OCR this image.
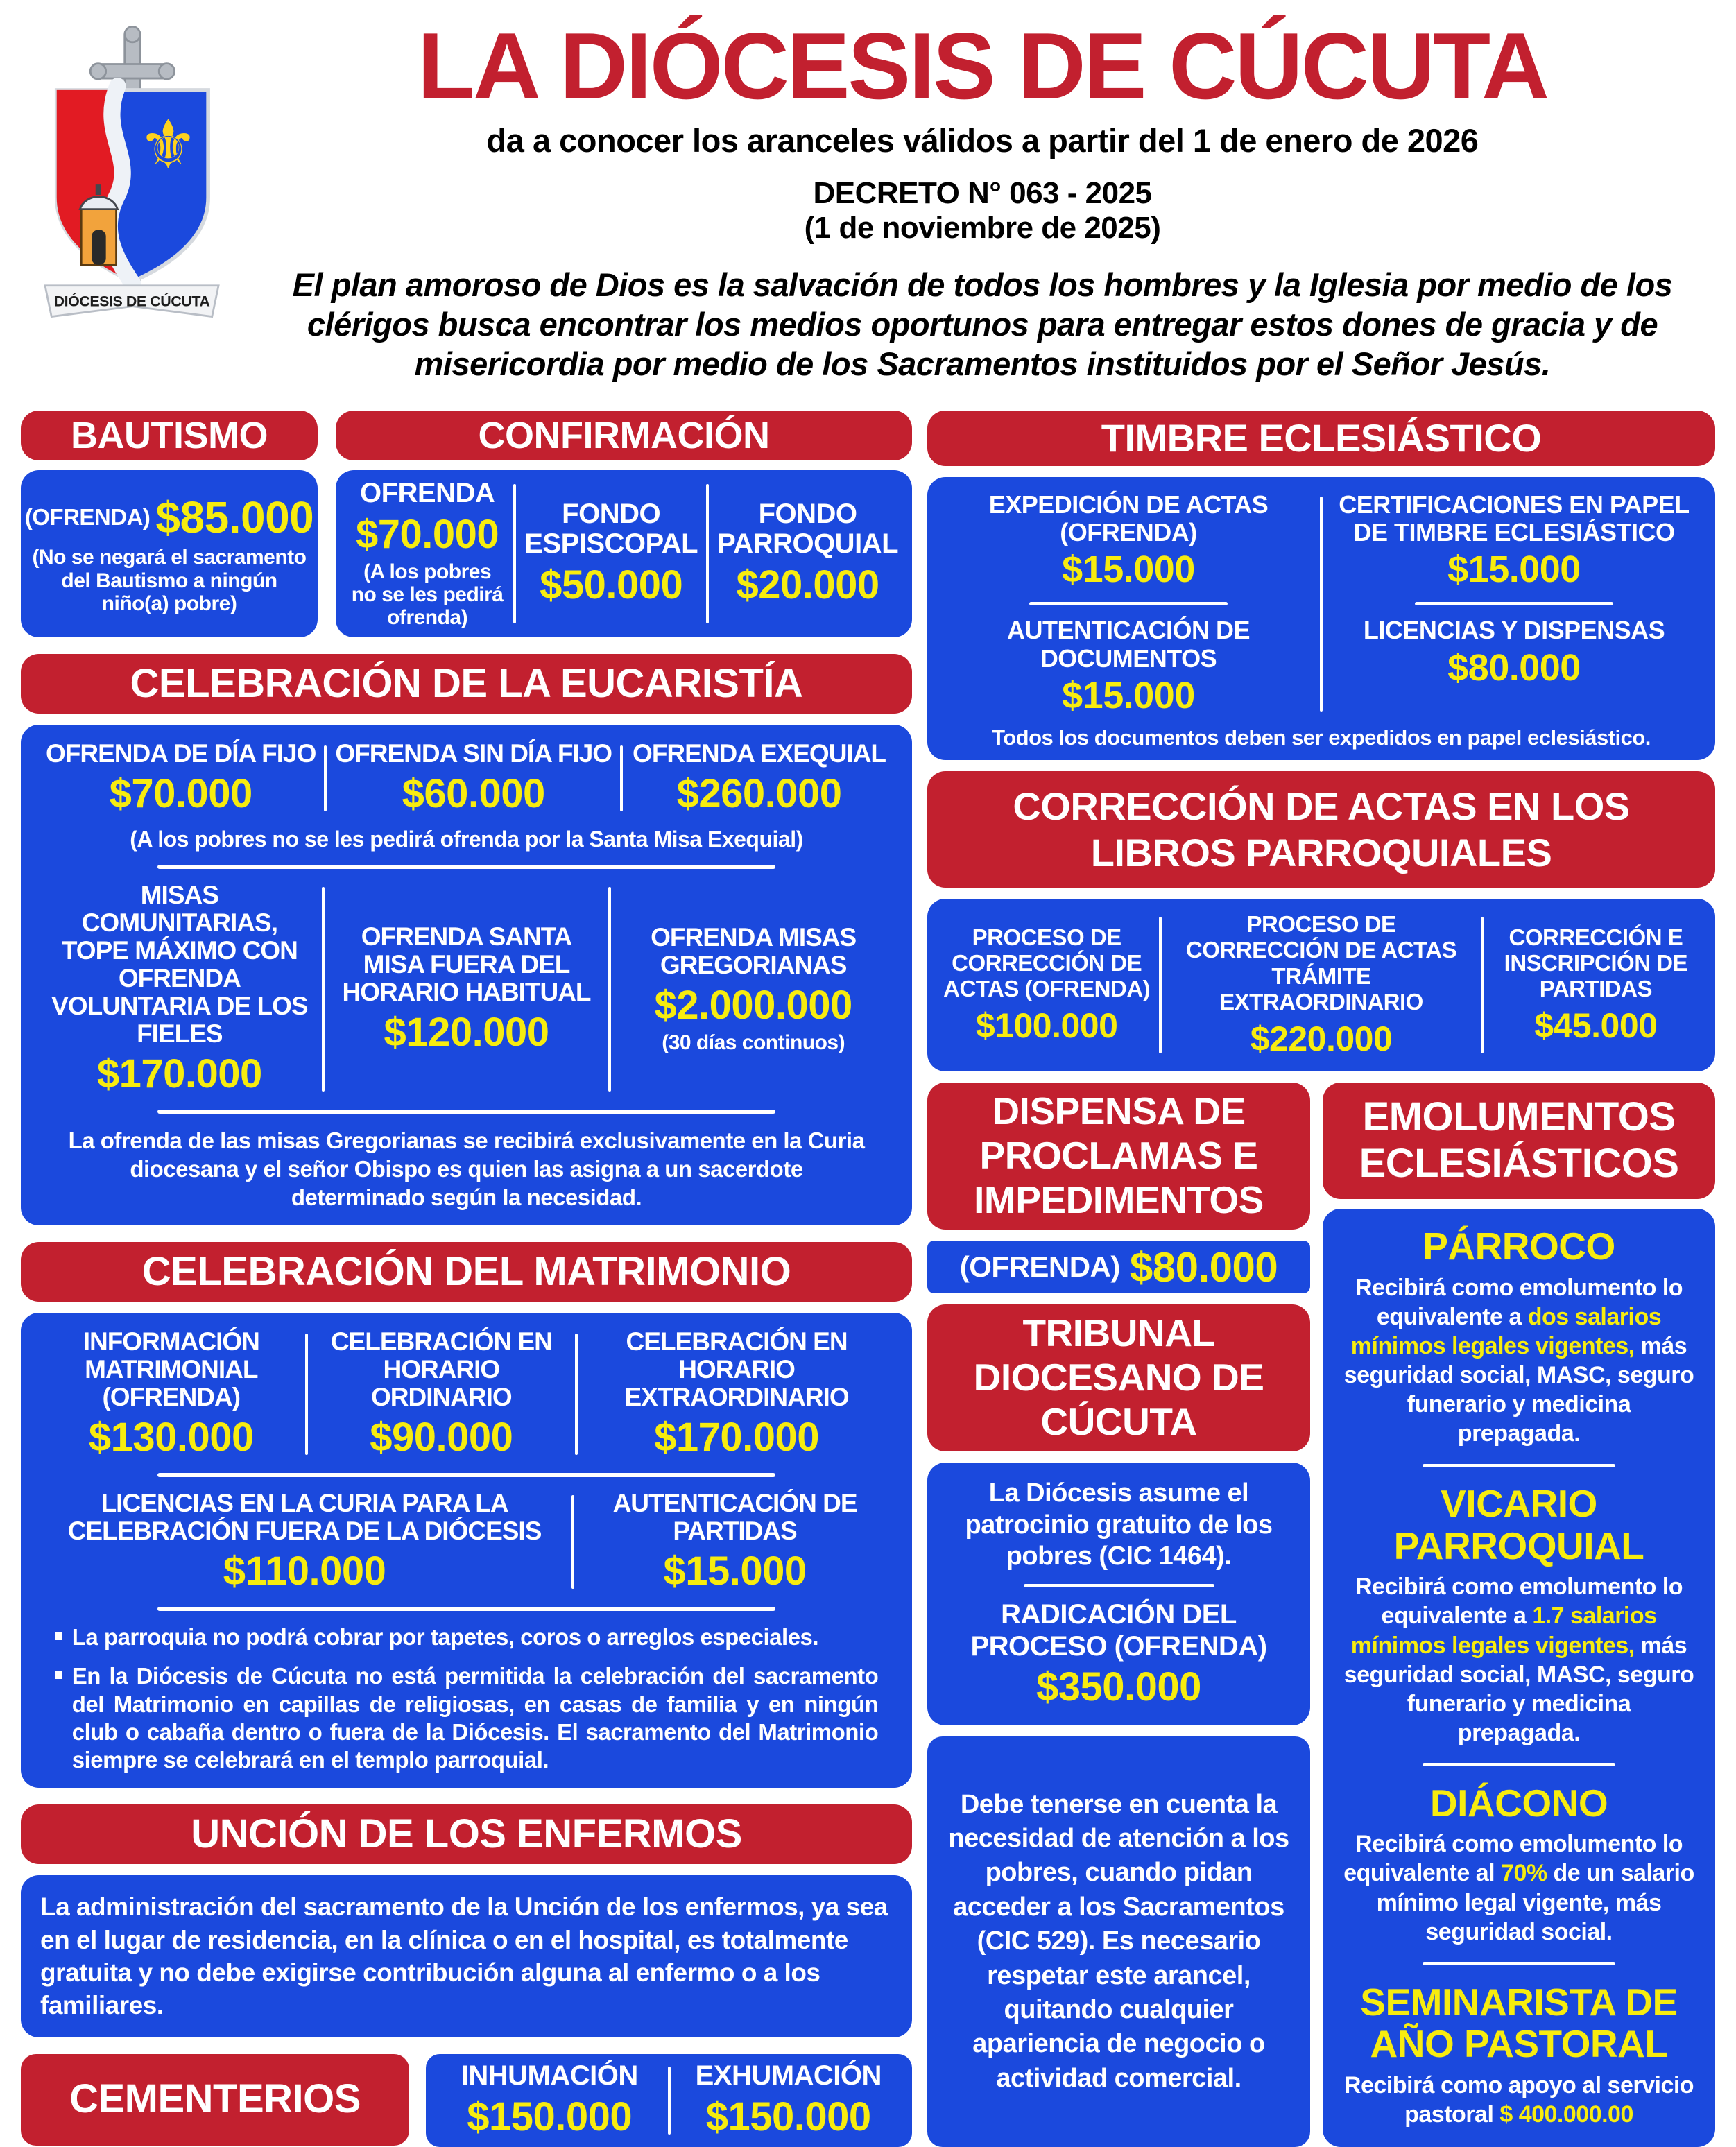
⚜
DIÓCESIS DE CÚCUTA
LA DIÓCESIS DE CÚCUTA
da a conocer los aranceles válidos a partir del 1 de enero de 2026
DECRETO N° 063 - 2025
(1 de noviembre de 2025)
El plan amoroso de Dios es la salvación de todos los hombres y la Iglesia por medio de los clérigos busca encontrar los medios oportunos para entregar estos dones de gracia y de misericordia por medio de los Sacramentos instituidos por el Señor Jesús.
BAUTISMO
(OFRENDA) $85.000
(No se negará el sacramento del Bautismo a ningún niño(a) pobre)
CONFIRMACIÓN
OFRENDA
$70.000
(A los pobres no se les pedirá ofrenda)
FONDO ESPISCOPAL
$50.000
FONDO PARROQUIAL
$20.000
CELEBRACIÓN DE LA EUCARISTÍA
OFRENDA DE DÍA FIJO
$70.000
OFRENDA SIN DÍA FIJO
$60.000
OFRENDA EXEQUIAL
$260.000
(A los pobres no se les pedirá ofrenda por la Santa Misa Exequial)
MISAS COMUNITARIAS, TOPE MÁXIMO CON OFRENDA VOLUNTARIA DE LOS FIELES
$170.000
OFRENDA SANTA MISA FUERA DEL HORARIO HABITUAL
$120.000
OFRENDA MISAS GREGORIANAS
$2.000.000
(30 días continuos)
La ofrenda de las misas Gregorianas se recibirá exclusivamente en la Curia diocesana y el señor Obispo es quien las asigna a un sacerdote determinado según la necesidad.
CELEBRACIÓN DEL MATRIMONIO
INFORMACIÓN MATRIMONIAL (OFRENDA)
$130.000
CELEBRACIÓN EN HORARIO ORDINARIO
$90.000
CELEBRACIÓN EN HORARIO EXTRAORDINARIO
$170.000
LICENCIAS EN LA CURIA PARA LA CELEBRACIÓN FUERA DE LA DIÓCESIS
$110.000
AUTENTICACIÓN DE PARTIDAS
$15.000
La parroquia no podrá cobrar por tapetes, coros o arreglos especiales.
En la Diócesis de Cúcuta no está permitida la celebración del sacramento del Matrimonio en capillas de religiosas, en casas de familia y en ningún club o cabaña dentro o fuera de la Diócesis. El sacramento del Matrimonio siempre se celebrará en el templo parroquial.
UNCIÓN DE LOS ENFERMOS
La administración del sacramento de la Unción de los enfermos, ya sea en el lugar de residencia, en la clínica o en el hospital, es totalmente gratuita y no debe exigirse contribución alguna al enfermo o a los familiares.
CEMENTERIOS
INHUMACIÓN
$150.000
EXHUMACIÓN
$150.000
TIMBRE ECLESIÁSTICO
EXPEDICIÓN DE ACTAS (OFRENDA)
$15.000
AUTENTICACIÓN DE DOCUMENTOS
$15.000
CERTIFICACIONES EN PAPEL DE TIMBRE ECLESIÁSTICO
$15.000
LICENCIAS Y DISPENSAS
$80.000
Todos los documentos deben ser expedidos en papel eclesiástico.
CORRECCIÓN DE ACTAS EN LOS LIBROS PARROQUIALES
PROCESO DE CORRECCIÓN DE ACTAS (OFRENDA)
$100.000
PROCESO DE CORRECCIÓN DE ACTAS TRÁMITE EXTRAORDINARIO
$220.000
CORRECCIÓN E INSCRIPCIÓN DE PARTIDAS
$45.000
DISPENSA DE PROCLAMAS E IMPEDIMENTOS
(OFRENDA) $80.000
TRIBUNAL DIOCESANO DE CÚCUTA
La Diócesis asume el patrocinio gratuito de los pobres (CIC 1464).
RADICACIÓN DEL PROCESO (OFRENDA)
$350.000
Debe tenerse en cuenta la necesidad de atención a los pobres, cuando pidan acceder a los Sacramentos (CIC 529). Es necesario respetar este arancel, quitando cualquier apariencia de negocio o actividad comercial.
EMOLUMENTOS ECLESIÁSTICOS
PÁRROCO
Recibirá como emolumento lo equivalente a dos salarios mínimos legales vigentes, más seguridad social, MASC, seguro funerario y medicina prepagada.
VICARIO PARROQUIAL
Recibirá como emolumento lo equivalente a 1.7 salarios mínimos legales vigentes, más seguridad social, MASC, seguro funerario y medicina prepagada.
DIÁCONO
Recibirá como emolumento lo equivalente al 70% de un salario mínimo legal vigente, más seguridad social.
SEMINARISTA DE AÑO PASTORAL
Recibirá como apoyo al servicio pastoral $ 400.000.00
